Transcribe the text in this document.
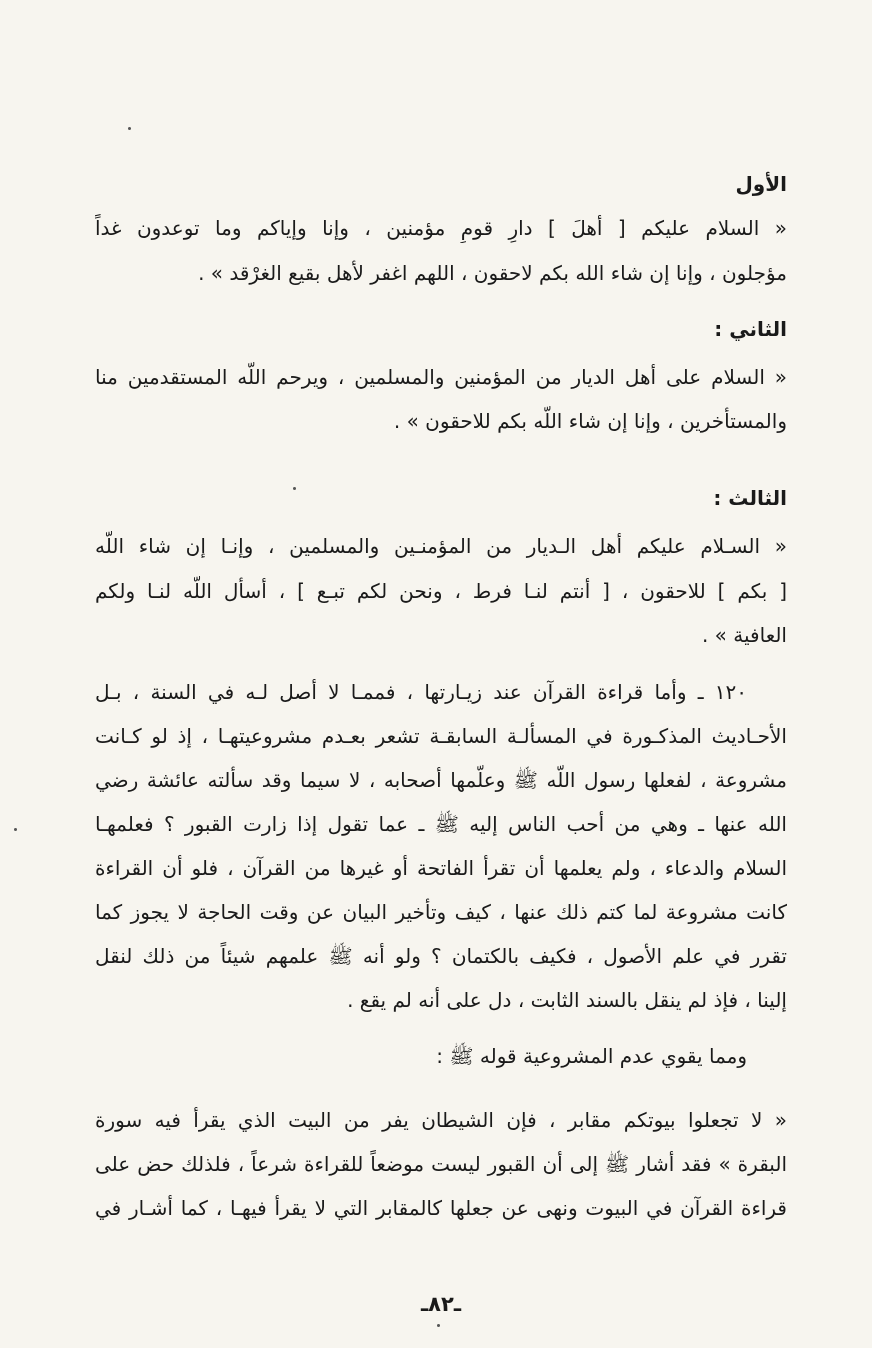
الأول
« السلام عليكم [ أهلَ ] دارِ قومٍ مؤمنين ، وإنا وإياكم وما توعدون غداً
مؤجلون ، وإنا إن شاء الله بكم لاحقون ، اللهم اغفر لأهل بقيع الغرْقد » .
الثاني :
« السلام على أهل الديار من المؤمنين والمسلمين ، ويرحم اللّه المستقدمين منا
والمستأخرين ، وإنا إن شاء اللّه بكم للاحقون » .
الثالث :
« السـلام عليكم أهل الـديار من المؤمنـين والمسلمين ، وإنـا إن شاء اللّه
[ بكم ] للاحقون ، [ أنتم لنـا فرط ، ونحن لكم تبـع ] ، أسأل اللّه لنـا ولكم
العافية » .
١٢٠ ـ وأما قراءة القرآن عند زيـارتها ، فممـا لا أصل لـه في السنة ، بـل
الأحـاديث المذكـورة في المسألـة السابقـة تشعر بعـدم مشروعيتهـا ، إذ لو كـانت
مشروعة ، لفعلها رسول اللّه ﷺ وعلّمها أصحابه ، لا سيما وقد سألته عائشة رضي
الله عنها ـ وهي من أحب الناس إليه ﷺ ـ عما تقول إذا زارت القبور ؟ فعلمهـا
السلام والدعاء ، ولم يعلمها أن تقرأ الفاتحة أو غيرها من القرآن ، فلو أن القراءة
كانت مشروعة لما كتم ذلك عنها ، كيف وتأخير البيان عن وقت الحاجة لا يجوز كما
تقرر في علم الأصول ، فكيف بالكتمان ؟ ولو أنه ﷺ علمهم شيئاً من ذلك لنقل
إلينا ، فإذ لم ينقل بالسند الثابت ، دل على أنه لم يقع .
ومما يقوي عدم المشروعية قوله ﷺ :
« لا تجعلوا بيوتكم مقابر ، فإن الشيطان يفر من البيت الذي يقرأ فيه سورة
البقرة » فقد أشار ﷺ إلى أن القبور ليست موضعاً للقراءة شرعاً ، فلذلك حض على
قراءة القرآن في البيوت ونهى عن جعلها كالمقابر التي لا يقرأ فيهـا ، كما أشـار في
ـ٨٢ـ
